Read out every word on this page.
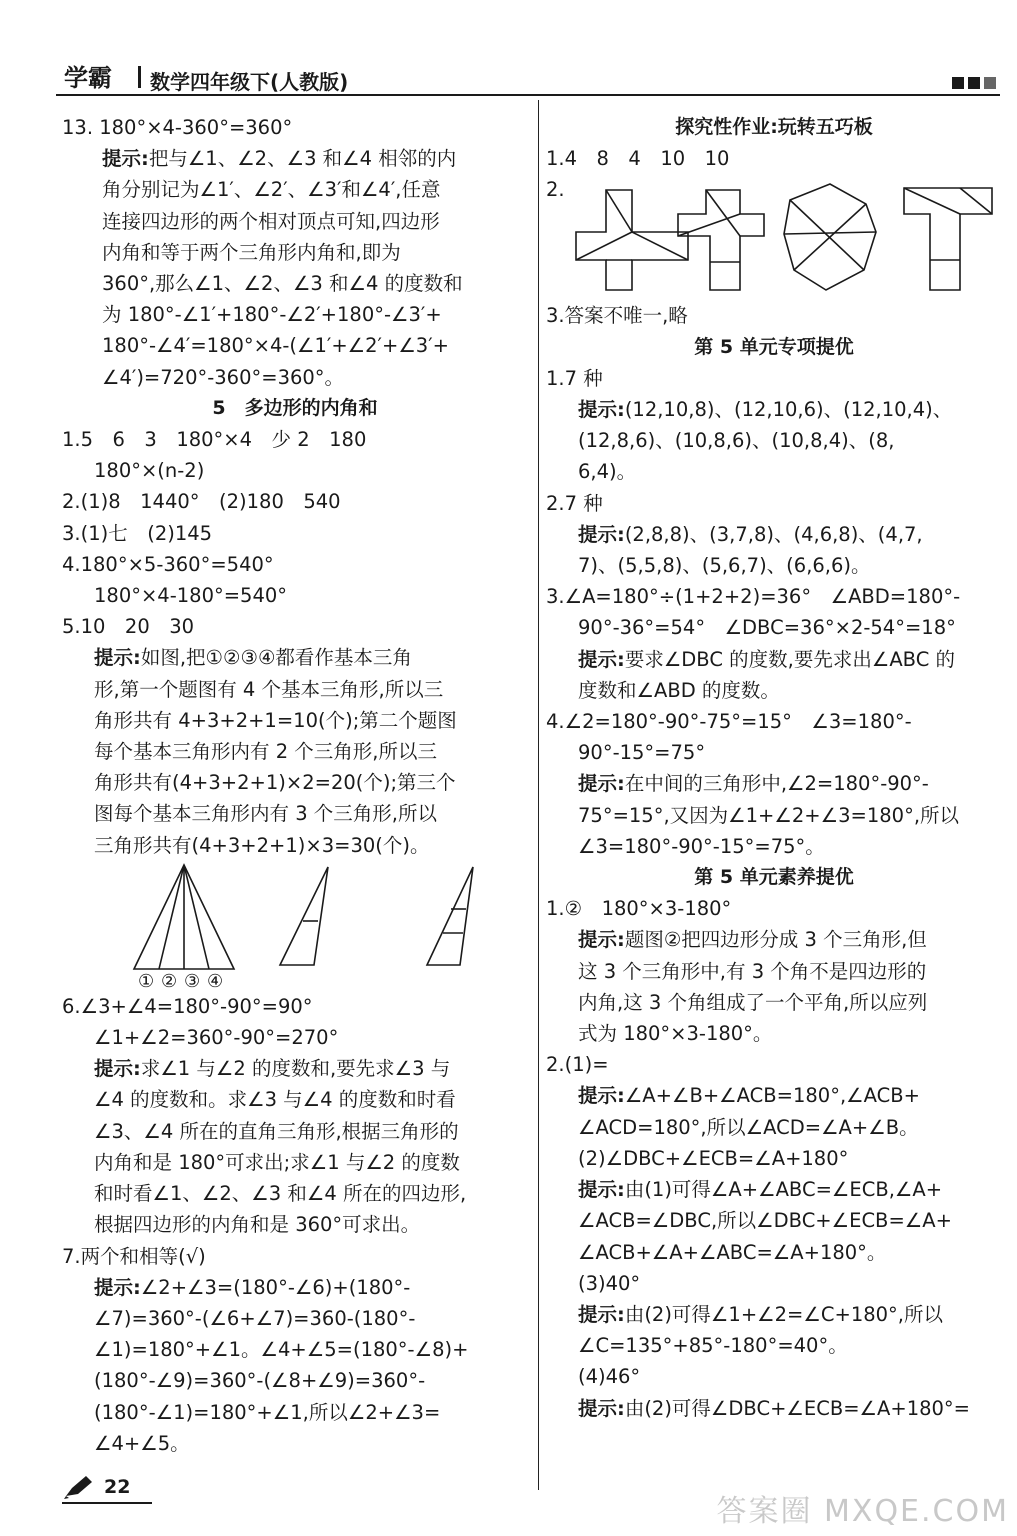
学霸 数学四年级下(人教版)
13.
180°×4-360°=360°
提示:把与∠1、∠2、∠3 和∠4 相邻的内
角分别记为∠1′、∠2′、∠3′和∠4′,任意
连接四边形的两个相对顶点可知,四边形
内角和等于两个三角形内角和,即为
360°,那么∠1、∠2、∠3 和∠4 的度数和
为 180°-∠1′+180°-∠2′+180°-∠3′+
180°-∠4′=180°×4-(∠1′+∠2′+∠3′+
∠4′)=720°-360°=360°。
5　多边形的内角和
1. 5　6　3　180°×4　少 2　180
180°×(n-2)
2. (1)8　1440°　(2)180　540
3. (1)七　(2)145
4. 180°×5-360°=540°
180°×4-180°=540°
5. 10　20　30
提示:如图,把①②③④都看作基本三角
形,第一个题图有 4 个基本三角形,所以三
角形共有 4+3+2+1=10(个);第二个题图
每个基本三角形内有 2 个三角形,所以三
角形共有(4+3+2+1)×2=20(个);第三个
图每个基本三角形内有 3 个三角形,所以
三角形共有(4+3+2+1)×3=30(个)。
① ② ③ ④
6. ∠3+∠4=180°-90°=90°
∠1+∠2=360°-90°=270°
提示:求∠1 与∠2 的度数和,要先求∠3 与
∠4 的度数和。求∠3 与∠4 的度数和时看
∠3、∠4 所在的直角三角形,根据三角形的
内角和是 180°可求出;求∠1 与∠2 的度数
和时看∠1、∠2、∠3 和∠4 所在的四边形,
根据四边形的内角和是 360°可求出。
7. 两个和相等(√)
提示:∠2+∠3=(180°-∠6)+(180°-
∠7)=360°-(∠6+∠7)=360-(180°-
∠1)=180°+∠1。∠4+∠5=(180°-∠8)+
(180°-∠9)=360°-(∠8+∠9)=360°-
(180°-∠1)=180°+∠1,所以∠2+∠3=
∠4+∠5。
探究性作业:玩转五巧板
1. 4　8　4　10　10
2.
3. 答案不唯一,略
第 5 单元专项提优
1. 7 种
提示:(12,10,8)、(12,10,6)、(12,10,4)、
(12,8,6)、(10,8,6)、(10,8,4)、(8,
6,4)。
2. 7 种
提示:(2,8,8)、(3,7,8)、(4,6,8)、(4,7,
7)、(5,5,8)、(5,6,7)、(6,6,6)。
3. ∠A=180°÷(1+2+2)=36°　∠ABD=180°-
90°-36°=54°　∠DBC=36°×2-54°=18°
提示:要求∠DBC 的度数,要先求出∠ABC 的
度数和∠ABD 的度数。
4. ∠2=180°-90°-75°=15°　∠3=180°-
90°-15°=75°
提示:在中间的三角形中,∠2=180°-90°-
75°=15°,又因为∠1+∠2+∠3=180°,所以
∠3=180°-90°-15°=75°。
第 5 单元素养提优
1. ②　180°×3-180°
提示:题图②把四边形分成 3 个三角形,但
这 3 个三角形中,有 3 个角不是四边形的
内角,这 3 个角组成了一个平角,所以应列
式为 180°×3-180°。
2. (1)=
提示:∠A+∠B+∠ACB=180°,∠ACB+
∠ACD=180°,所以∠ACD=∠A+∠B。
(2)∠DBC+∠ECB=∠A+180°
提示:由(1)可得∠A+∠ABC=∠ECB,∠A+
∠ACB=∠DBC,所以∠DBC+∠ECB=∠A+
∠ACB+∠A+∠ABC=∠A+180°。
(3)40°
提示:由(2)可得∠1+∠2=∠C+180°,所以
∠C=135°+85°-180°=40°。
(4)46°
提示:由(2)可得∠DBC+∠ECB=∠A+180°=
22
答案圈 MXQE.COM
